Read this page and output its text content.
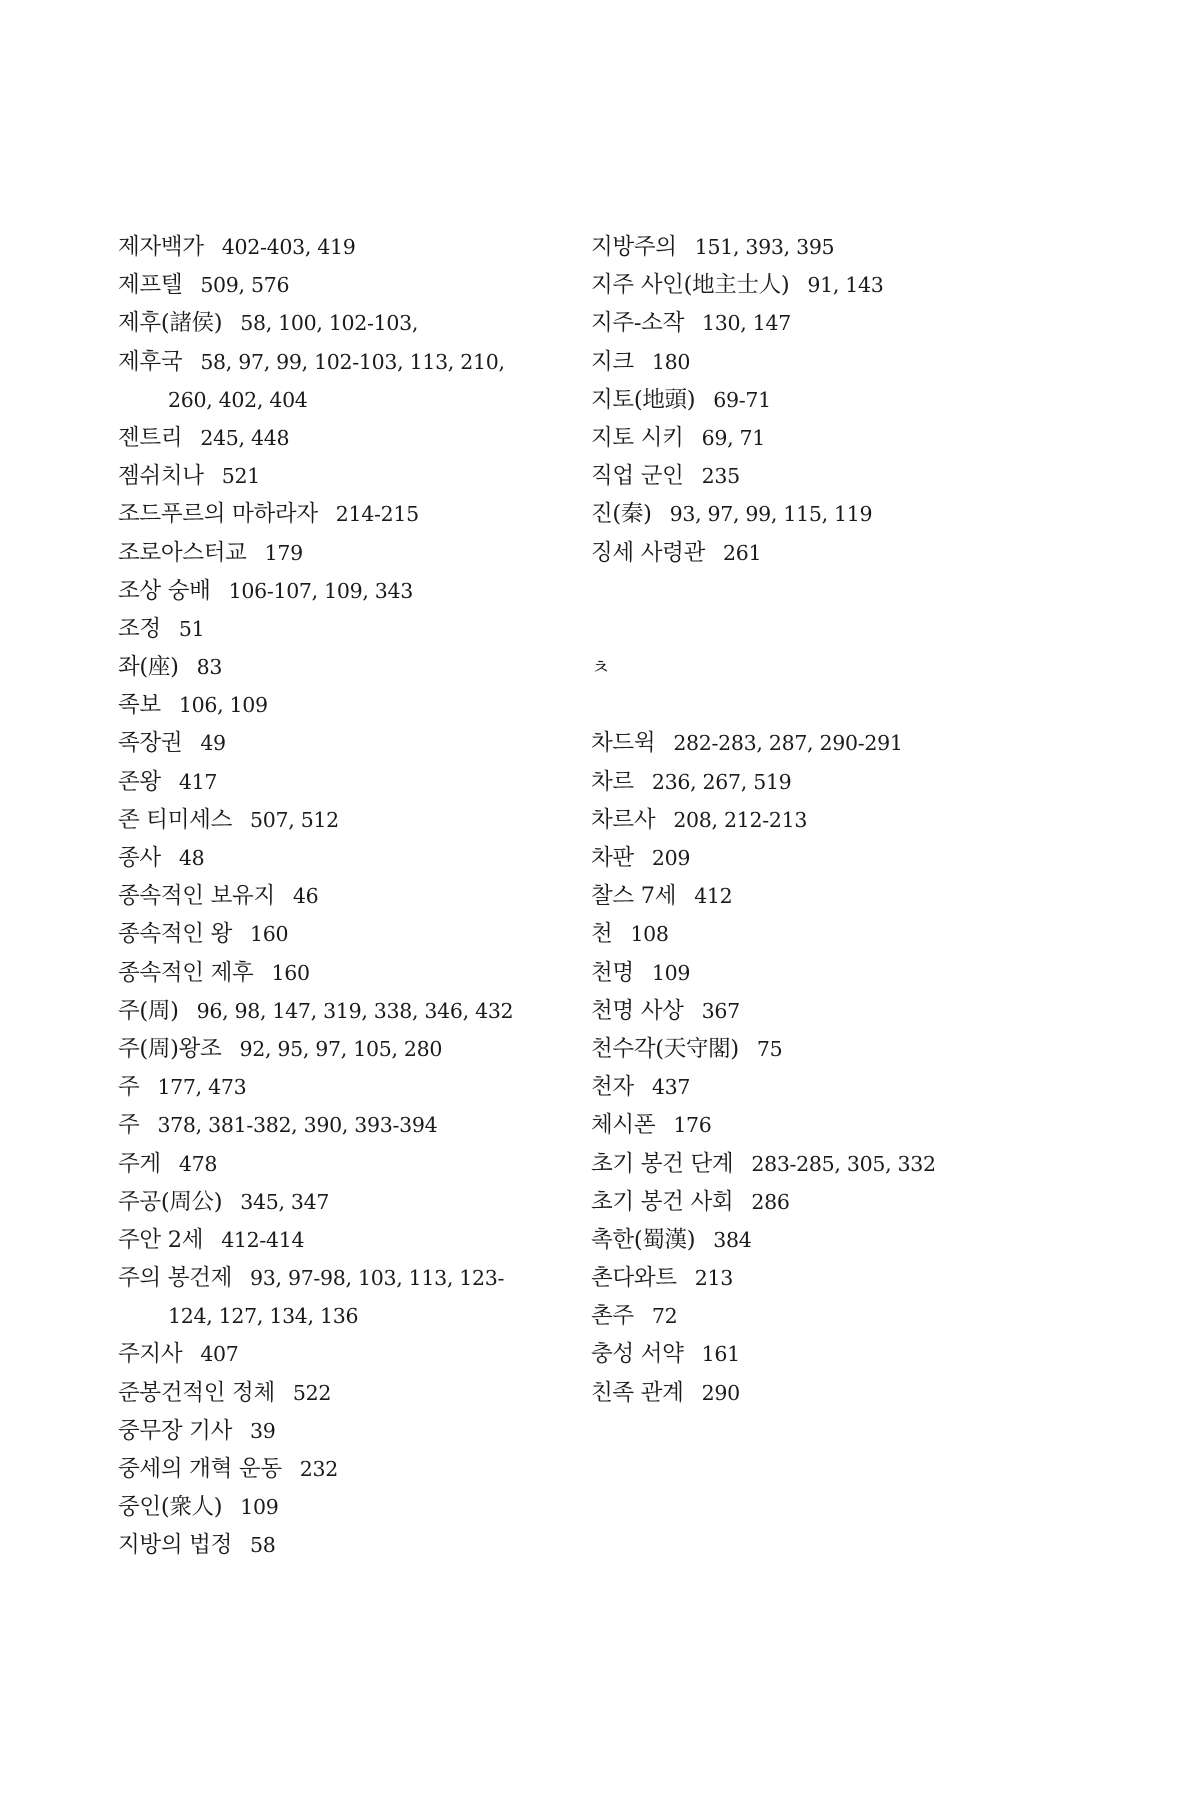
제자백가 402-403, 419
제프텔 509, 576
제후(諸侯) 58, 100, 102-103,
제후국 58, 97, 99, 102-103, 113, 210,
260, 402, 404
젠트리 245, 448
젬쉬치나 521
조드푸르의 마하라자 214-215
조로아스터교 179
조상 숭배 106-107, 109, 343
조정 51
좌(座) 83
족보 106, 109
족장권 49
존왕 417
존 티미세스 507, 512
종사 48
종속적인 보유지 46
종속적인 왕 160
종속적인 제후 160
주(周) 96, 98, 147, 319, 338, 346, 432
주(周)왕조 92, 95, 97, 105, 280
주 177, 473
주 378, 381-382, 390, 393-394
주게 478
주공(周公) 345, 347
주안 2세 412-414
주의 봉건제 93, 97-98, 103, 113, 123-
124, 127, 134, 136
주지사 407
준봉건적인 정체 522
중무장 기사 39
중세의 개혁 운동 232
중인(衆人) 109
지방의 법정 58
지방주의 151, 393, 395
지주 사인(地主士人) 91, 143
지주-소작 130, 147
지크 180
지토(地頭) 69-71
지토 시키 69, 71
직업 군인 235
진(秦) 93, 97, 99, 115, 119
징세 사령관 261
ㅊ
차드윅 282-283, 287, 290-291
차르 236, 267, 519
차르사 208, 212-213
차판 209
찰스 7세 412
천 108
천명 109
천명 사상 367
천수각(天守閣) 75
천자 437
체시폰 176
초기 봉건 단계 283-285, 305, 332
초기 봉건 사회 286
촉한(蜀漢) 384
촌다와트 213
촌주 72
충성 서약 161
친족 관계 290
